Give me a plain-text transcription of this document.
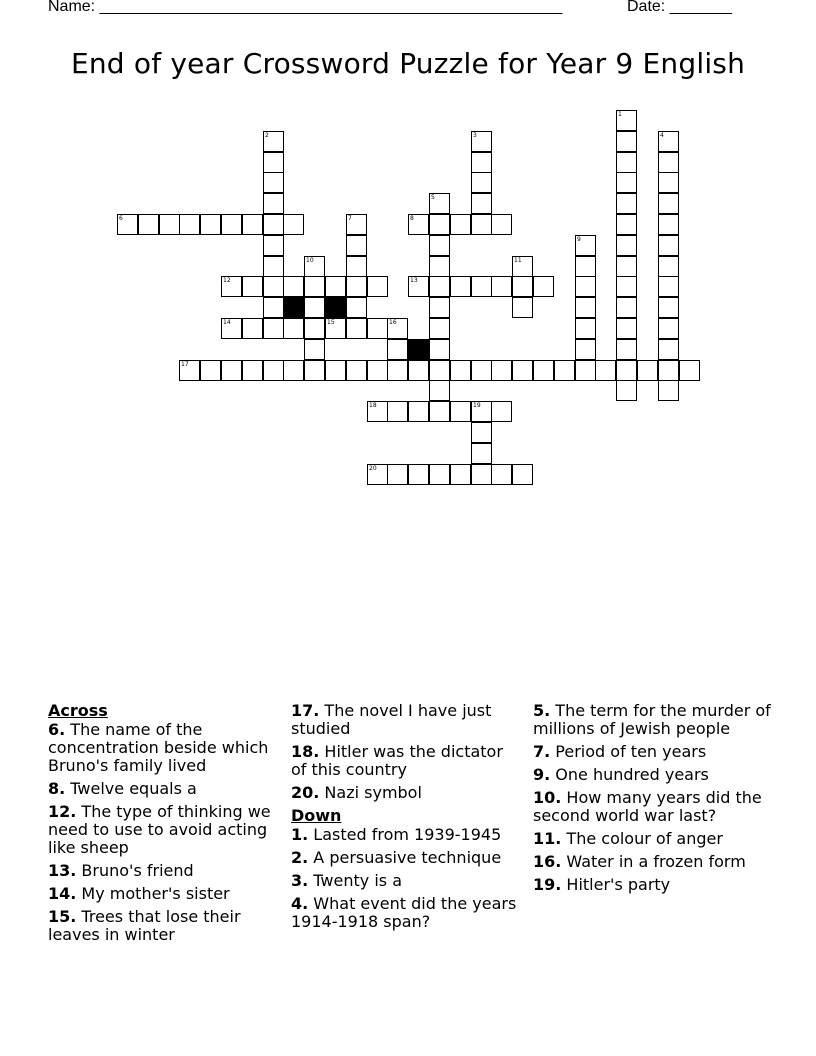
Name: ____________________________________________________	Date: _______
End of year Crossword Puzzle for Year 9 English
6	8
12	13
14	15	16
17
18	19
20
1
2	3	4
5
7
9
10	11
Across
6. The name of the concentration beside which Bruno's family lived
8. Twelve equals a
12. The type of thinking we need to use to avoid acting like sheep
13. Bruno's friend
14. My mother's sister
15. Trees that lose their leaves in winter
17. The novel I have just studied
18. Hitler was the dictator of this country
20. Nazi symbol
Down
1. Lasted from 1939-1945
2. A persuasive technique
3. Twenty is a
4. What event did the years 1914-1918 span?
5. The term for the murder of millions of Jewish people
7. Period of ten years
9. One hundred years
10. How many years did the second world war last?
11. The colour of anger
16. Water in a frozen form
19. Hitler's party
